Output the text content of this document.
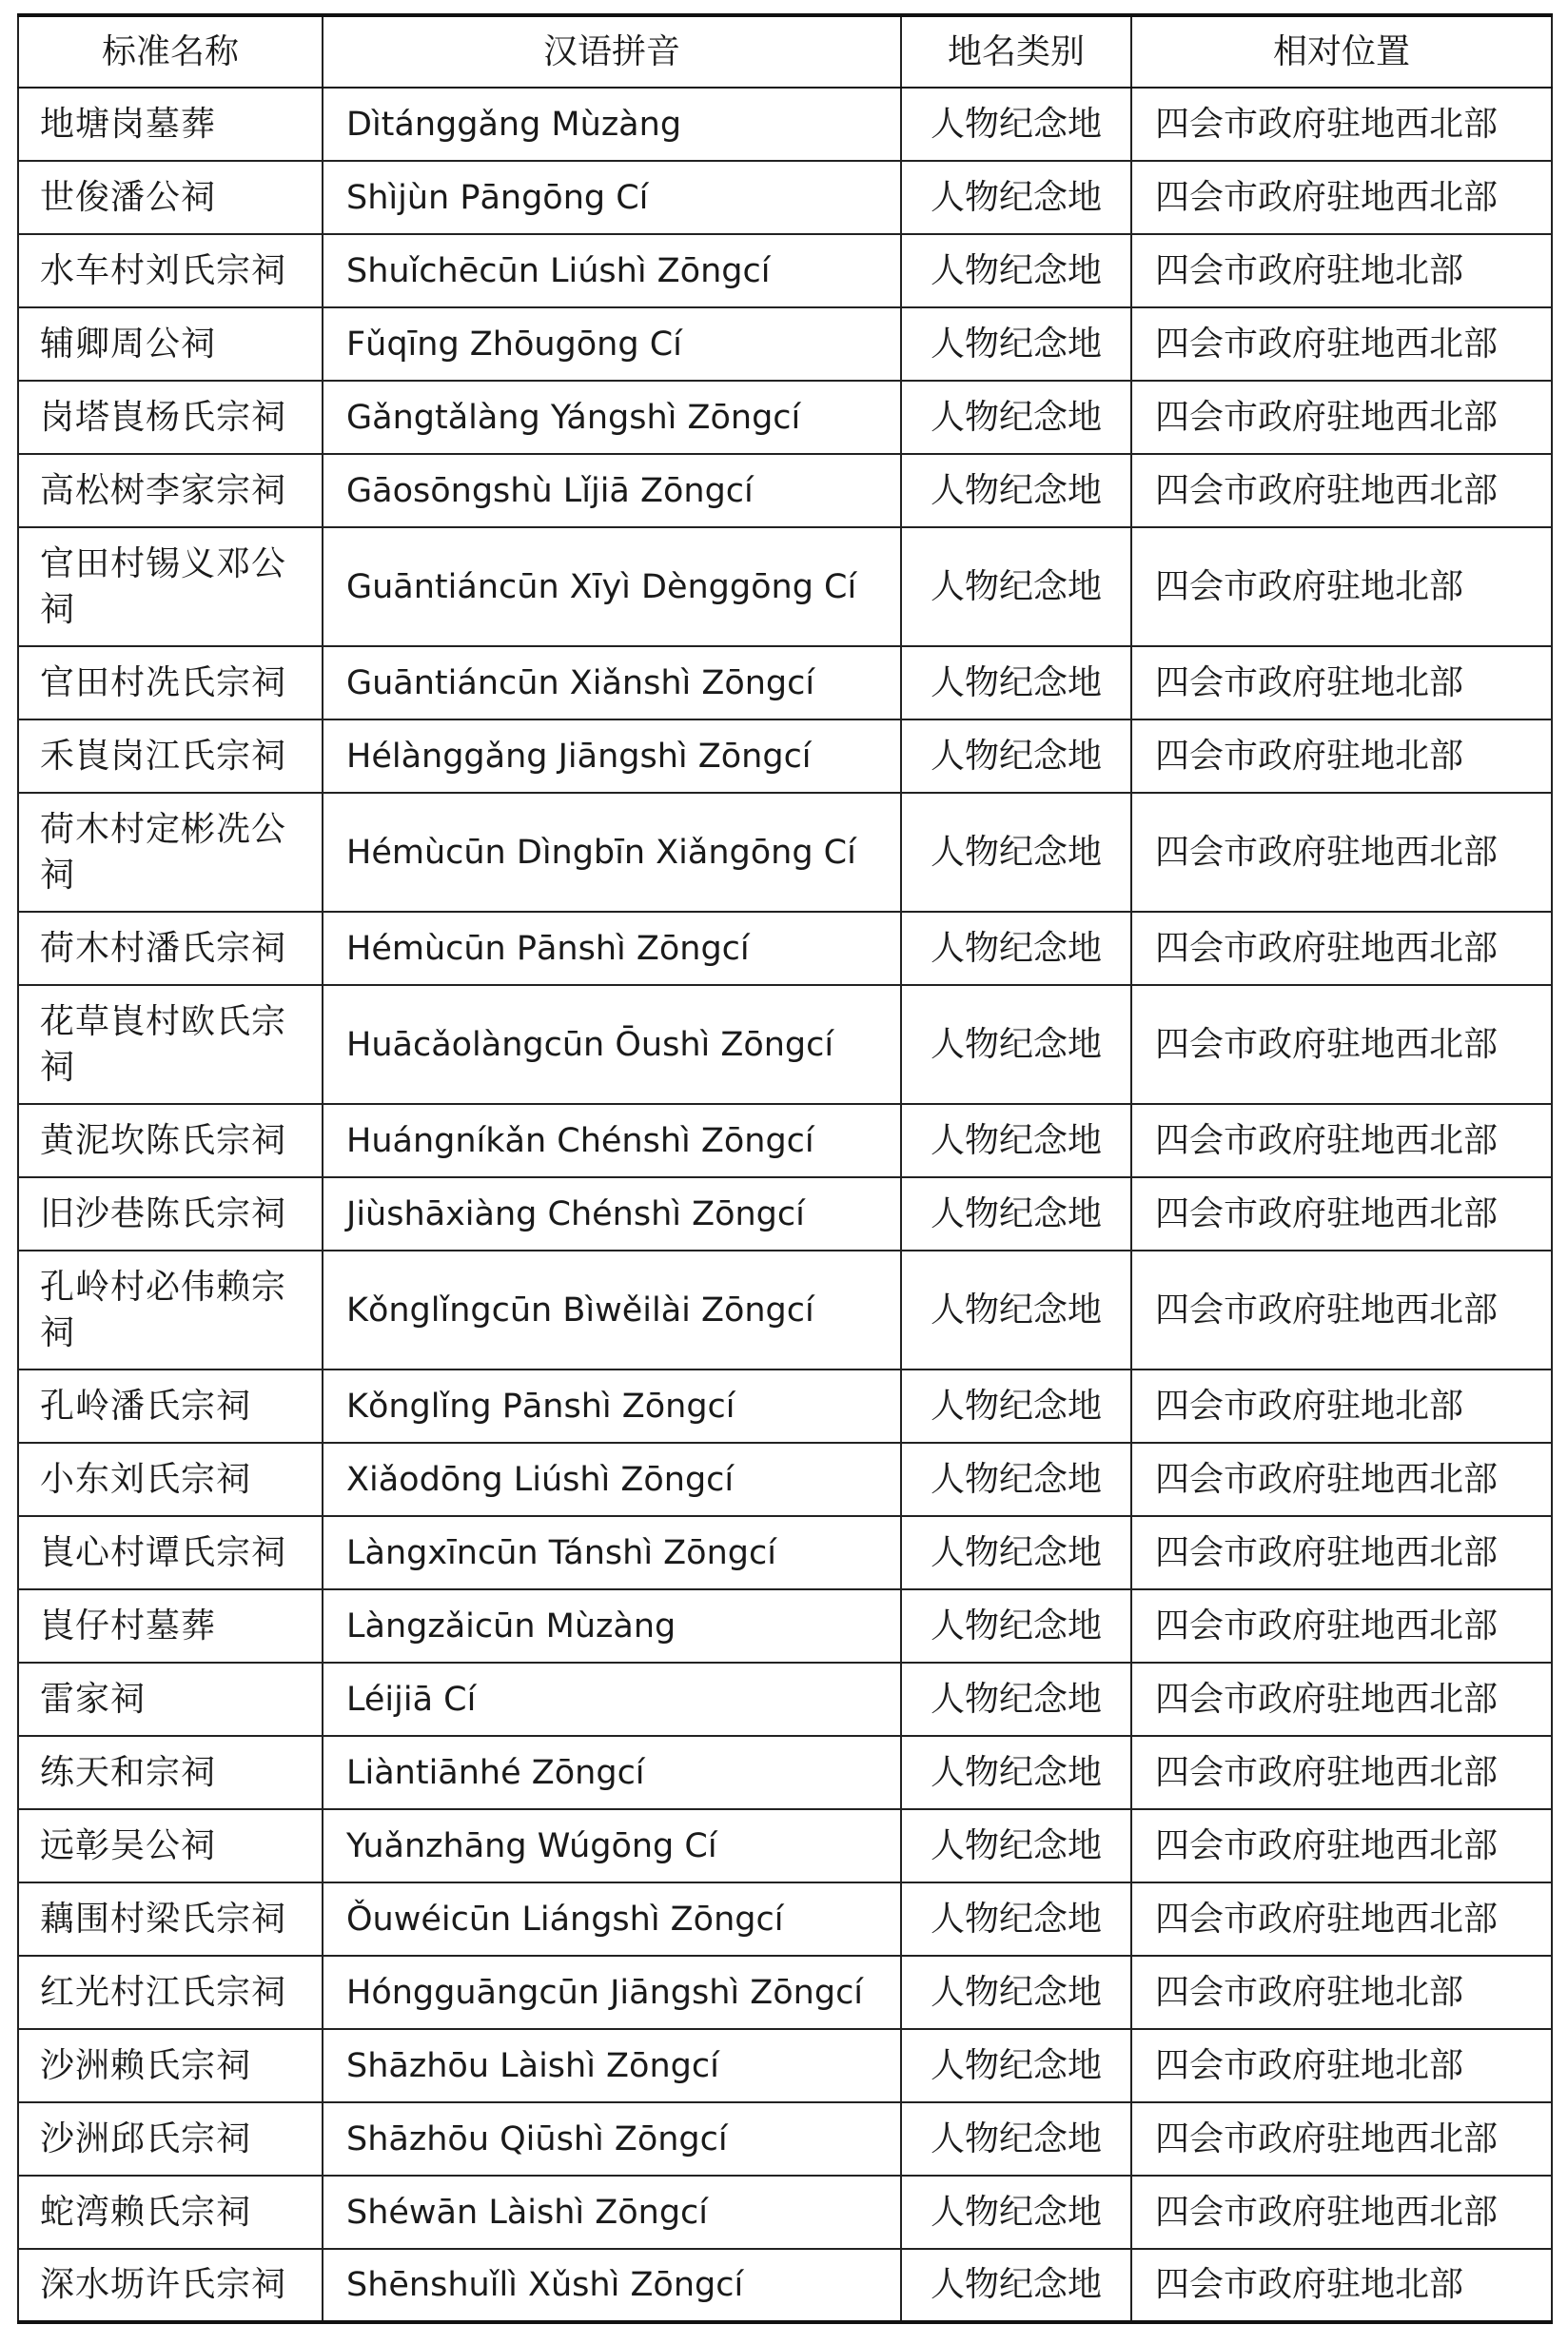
标准名称	汉语拼音	地名类别	相对位置
地塘岗墓葬	Dìtánggǎng Mùzàng	人物纪念地	四会市政府驻地西北部
世俊潘公祠	Shìjùn Pāngōng Cí	人物纪念地	四会市政府驻地西北部
水车村刘氏宗祠	Shuǐchēcūn Liúshì Zōngcí	人物纪念地	四会市政府驻地北部
辅卿周公祠	Fǔqīng Zhōugōng Cí	人物纪念地	四会市政府驻地西北部
岗塔崀杨氏宗祠	Gǎngtǎlàng Yángshì Zōngcí	人物纪念地	四会市政府驻地西北部
高松树李家宗祠	Gāosōngshù Lǐjiā Zōngcí	人物纪念地	四会市政府驻地西北部
官田村锡义邓公祠	Guāntiáncūn Xīyì Dènggōng Cí	人物纪念地	四会市政府驻地北部
官田村冼氏宗祠	Guāntiáncūn Xiǎnshì Zōngcí	人物纪念地	四会市政府驻地北部
禾崀岗江氏宗祠	Hélànggǎng Jiāngshì Zōngcí	人物纪念地	四会市政府驻地北部
荷木村定彬冼公祠	Hémùcūn Dìngbīn Xiǎngōng Cí	人物纪念地	四会市政府驻地西北部
荷木村潘氏宗祠	Hémùcūn Pānshì Zōngcí	人物纪念地	四会市政府驻地西北部
花草崀村欧氏宗祠	Huācǎolàngcūn Ōushì Zōngcí	人物纪念地	四会市政府驻地西北部
黄泥坎陈氏宗祠	Huángníkǎn Chénshì Zōngcí	人物纪念地	四会市政府驻地西北部
旧沙巷陈氏宗祠	Jiùshāxiàng Chénshì Zōngcí	人物纪念地	四会市政府驻地西北部
孔岭村必伟赖宗祠	Kǒnglǐngcūn Bìwěilài Zōngcí	人物纪念地	四会市政府驻地西北部
孔岭潘氏宗祠	Kǒnglǐng Pānshì Zōngcí	人物纪念地	四会市政府驻地北部
小东刘氏宗祠	Xiǎodōng Liúshì Zōngcí	人物纪念地	四会市政府驻地西北部
崀心村谭氏宗祠	Làngxīncūn Tánshì Zōngcí	人物纪念地	四会市政府驻地西北部
崀仔村墓葬	Làngzǎicūn Mùzàng	人物纪念地	四会市政府驻地西北部
雷家祠	Léijiā Cí	人物纪念地	四会市政府驻地西北部
练天和宗祠	Liàntiānhé Zōngcí	人物纪念地	四会市政府驻地西北部
远彰吴公祠	Yuǎnzhāng Wúgōng Cí	人物纪念地	四会市政府驻地西北部
藕围村梁氏宗祠	Ǒuwéicūn Liángshì Zōngcí	人物纪念地	四会市政府驻地西北部
红光村江氏宗祠	Hóngguāngcūn Jiāngshì Zōngcí	人物纪念地	四会市政府驻地北部
沙洲赖氏宗祠	Shāzhōu Làishì Zōngcí	人物纪念地	四会市政府驻地北部
沙洲邱氏宗祠	Shāzhōu Qiūshì Zōngcí	人物纪念地	四会市政府驻地西北部
蛇湾赖氏宗祠	Shéwān Làishì Zōngcí	人物纪念地	四会市政府驻地西北部
深水坜许氏宗祠	Shēnshuǐlì Xǔshì Zōngcí	人物纪念地	四会市政府驻地北部
